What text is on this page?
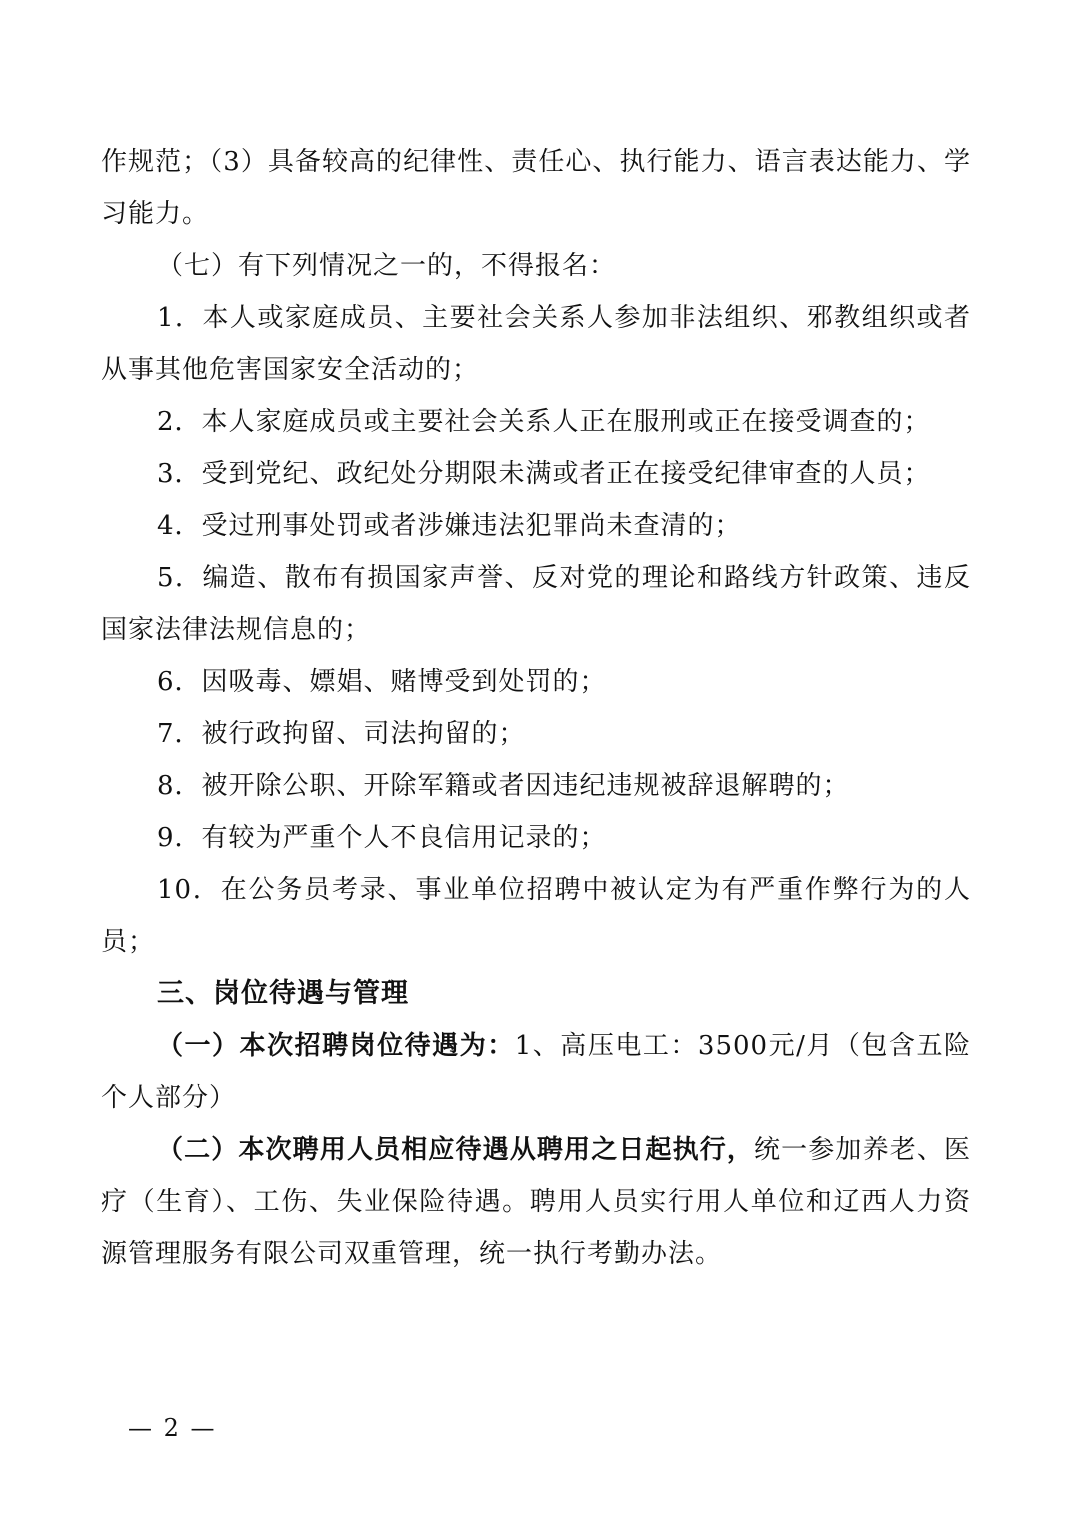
作规范；（3）具备较高的纪律性、责任心、执行能力、语言表达能力、学习能力。

（七）有下列情况之一的，不得报名：

1．本人或家庭成员、主要社会关系人参加非法组织、邪教组织或者从事其他危害国家安全活动的；

2．本人家庭成员或主要社会关系人正在服刑或正在接受调查的；

3．受到党纪、政纪处分期限未满或者正在接受纪律审查的人员；

4．受过刑事处罚或者涉嫌违法犯罪尚未查清的；

5．编造、散布有损国家声誉、反对党的理论和路线方针政策、违反国家法律法规信息的；

6．因吸毒、嫖娼、赌博受到处罚的；

7．被行政拘留、司法拘留的；

8．被开除公职、开除军籍或者因违纪违规被辞退解聘的；

9．有较为严重个人不良信用记录的；

10．在公务员考录、事业单位招聘中被认定为有严重作弊行为的人员；

三、岗位待遇与管理

（一）本次招聘岗位待遇为：1、高压电工：3500元/月（包含五险个人部分）

（二）本次聘用人员相应待遇从聘用之日起执行，统一参加养老、医疗（生育）、工伤、失业保险待遇。聘用人员实行用人单位和辽西人力资源管理服务有限公司双重管理，统一执行考勤办法。

— 2 —
